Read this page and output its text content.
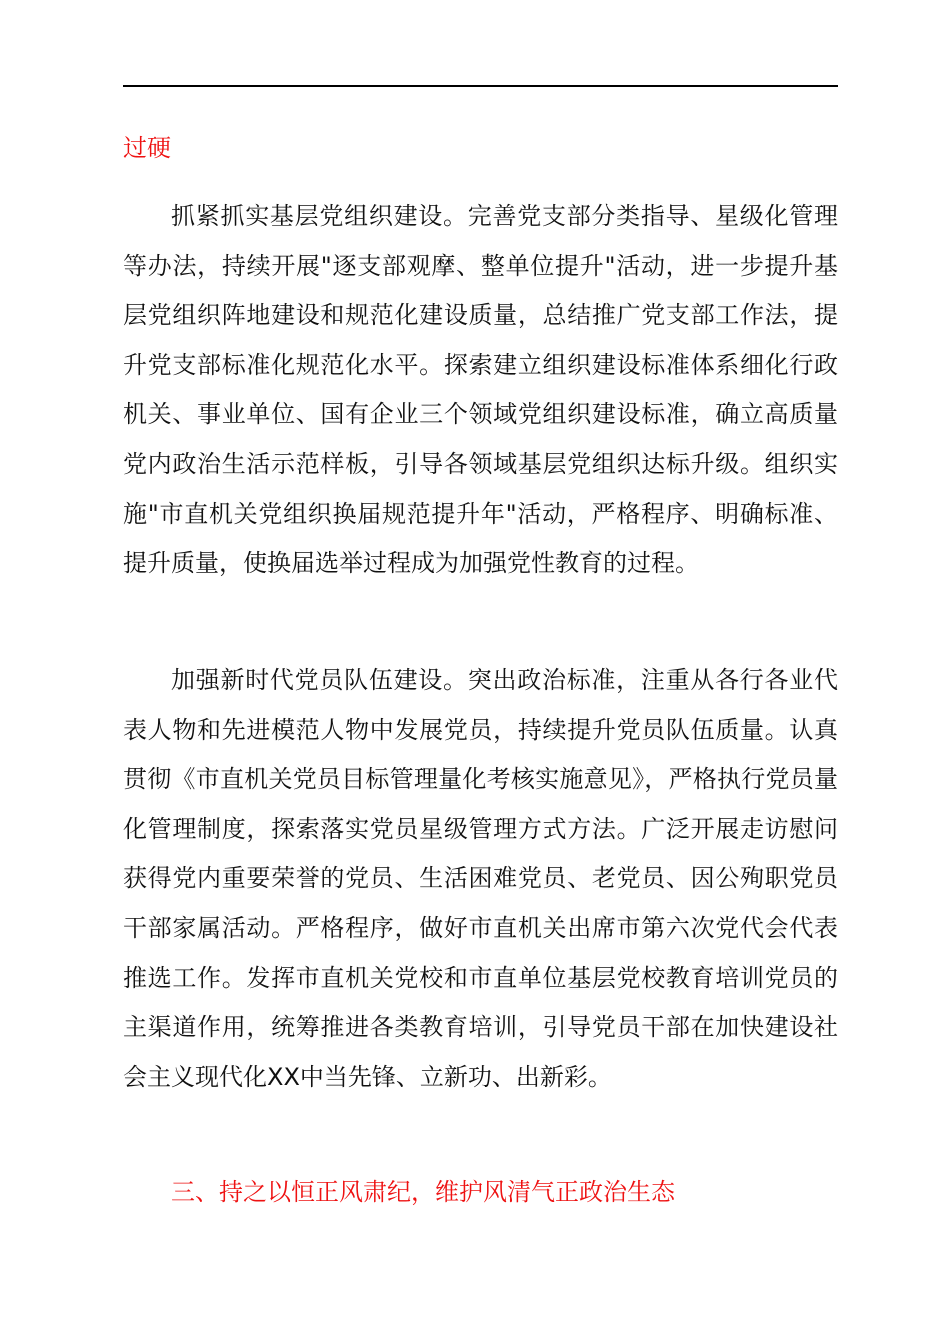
过硬

抓紧抓实基层党组织建设。完善党支部分类指导、星级化管理等办法，持续开展"逐支部观摩、整单位提升"活动，进一步提升基层党组织阵地建设和规范化建设质量，总结推广党支部工作法，提升党支部标准化规范化水平。探索建立组织建设标准体系细化行政机关、事业单位、国有企业三个领域党组织建设标准，确立高质量党内政治生活示范样板，引导各领域基层党组织达标升级。组织实施"市直机关党组织换届规范提升年"活动，严格程序、明确标准、提升质量，使换届选举过程成为加强党性教育的过程。

加强新时代党员队伍建设。突出政治标准，注重从各行各业代表人物和先进模范人物中发展党员，持续提升党员队伍质量。认真贯彻《市直机关党员目标管理量化考核实施意见》，严格执行党员量化管理制度，探索落实党员星级管理方式方法。广泛开展走访慰问获得党内重要荣誉的党员、生活困难党员、老党员、因公殉职党员干部家属活动。严格程序，做好市直机关出席市第六次党代会代表推选工作。发挥市直机关党校和市直单位基层党校教育培训党员的主渠道作用，统筹推进各类教育培训，引导党员干部在加快建设社会主义现代化XX中当先锋、立新功、出新彩。

三、持之以恒正风肃纪，维护风清气正政治生态
